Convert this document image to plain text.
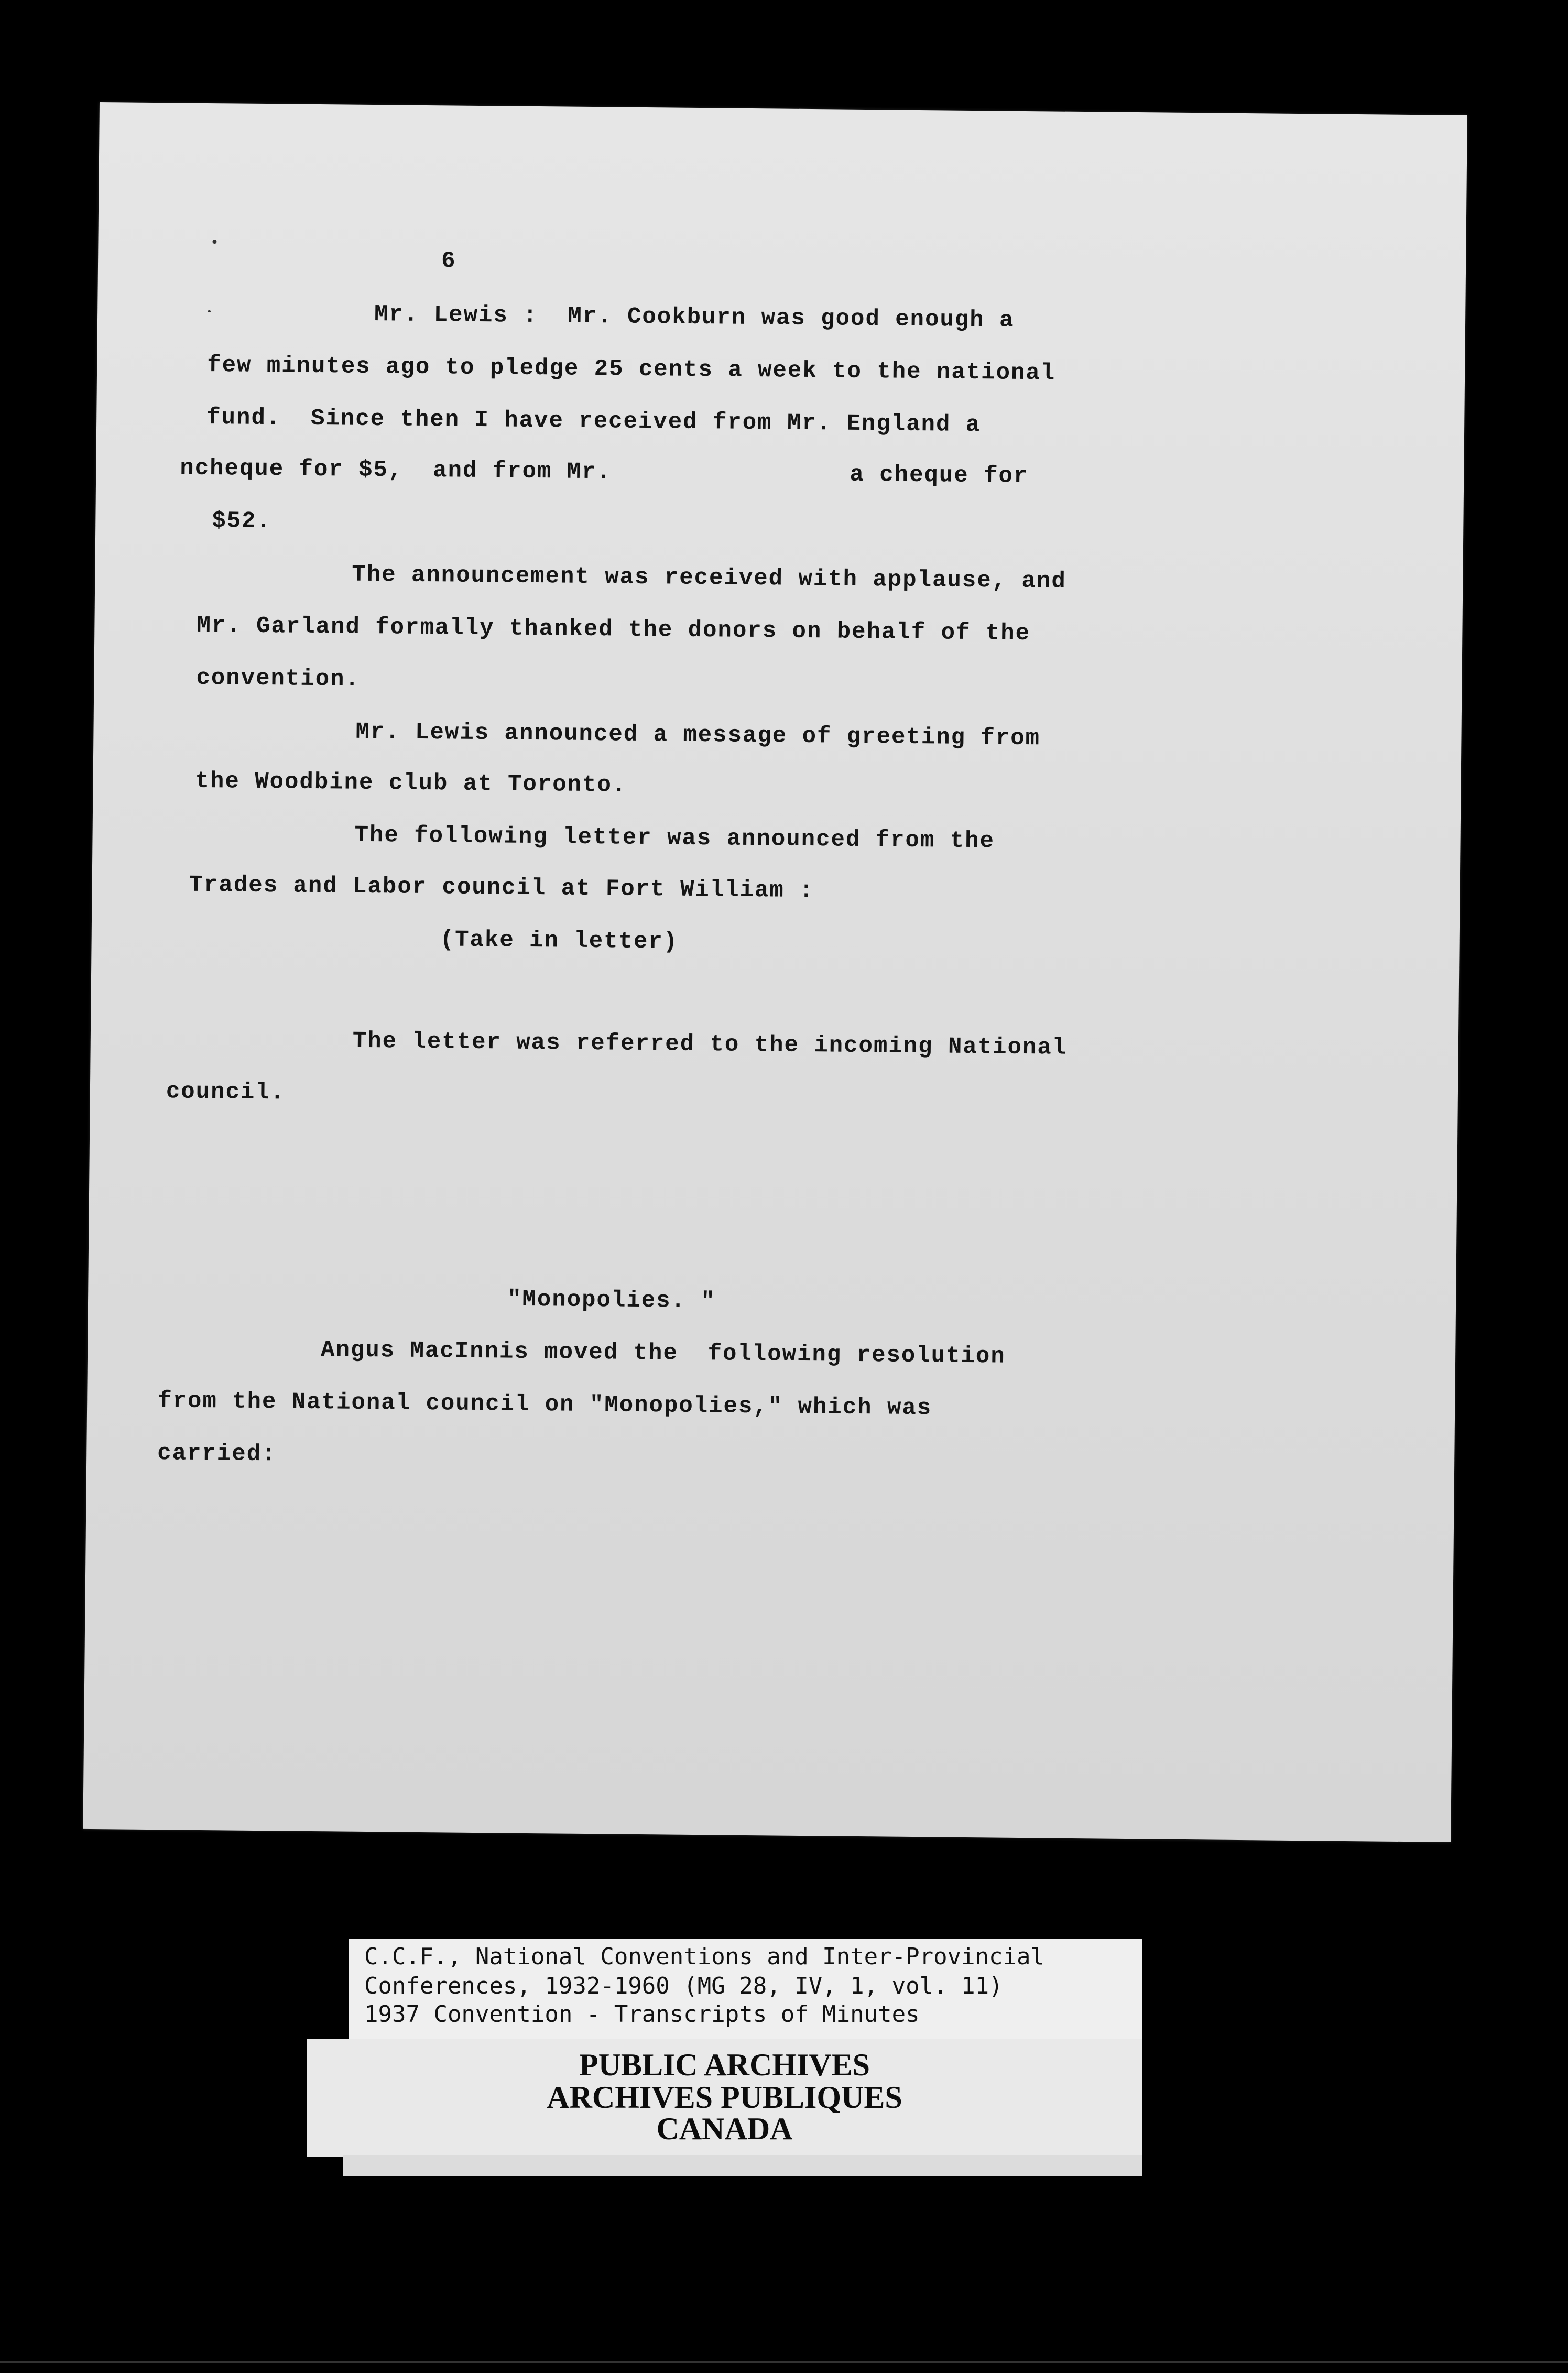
6
Mr. Lewis :  Mr. Cookburn was good enough a
few minutes ago to pledge 25 cents a week to the national
fund.  Since then I have received from Mr. England a
ncheque for $5,  and from Mr.                a cheque for
$52.
The announcement was received with applause, and
Mr. Garland formally thanked the donors on behalf of the
convention.
Mr. Lewis announced a message of greeting from
the Woodbine club at Toronto.
The following letter was announced from the
Trades and Labor council at Fort William :
(Take in letter)
The letter was referred to the incoming National
council.
"Monopolies. "
Angus MacInnis moved the  following resolution
from the National council on "Monopolies," which was
carried:
C.C.F., National Conventions and Inter-Provincial
Conferences, 1932-1960 (MG 28, IV, 1, vol. 11)
1937 Convention - Transcripts of Minutes
PUBLIC ARCHIVES
ARCHIVES PUBLIQUES
CANADA
